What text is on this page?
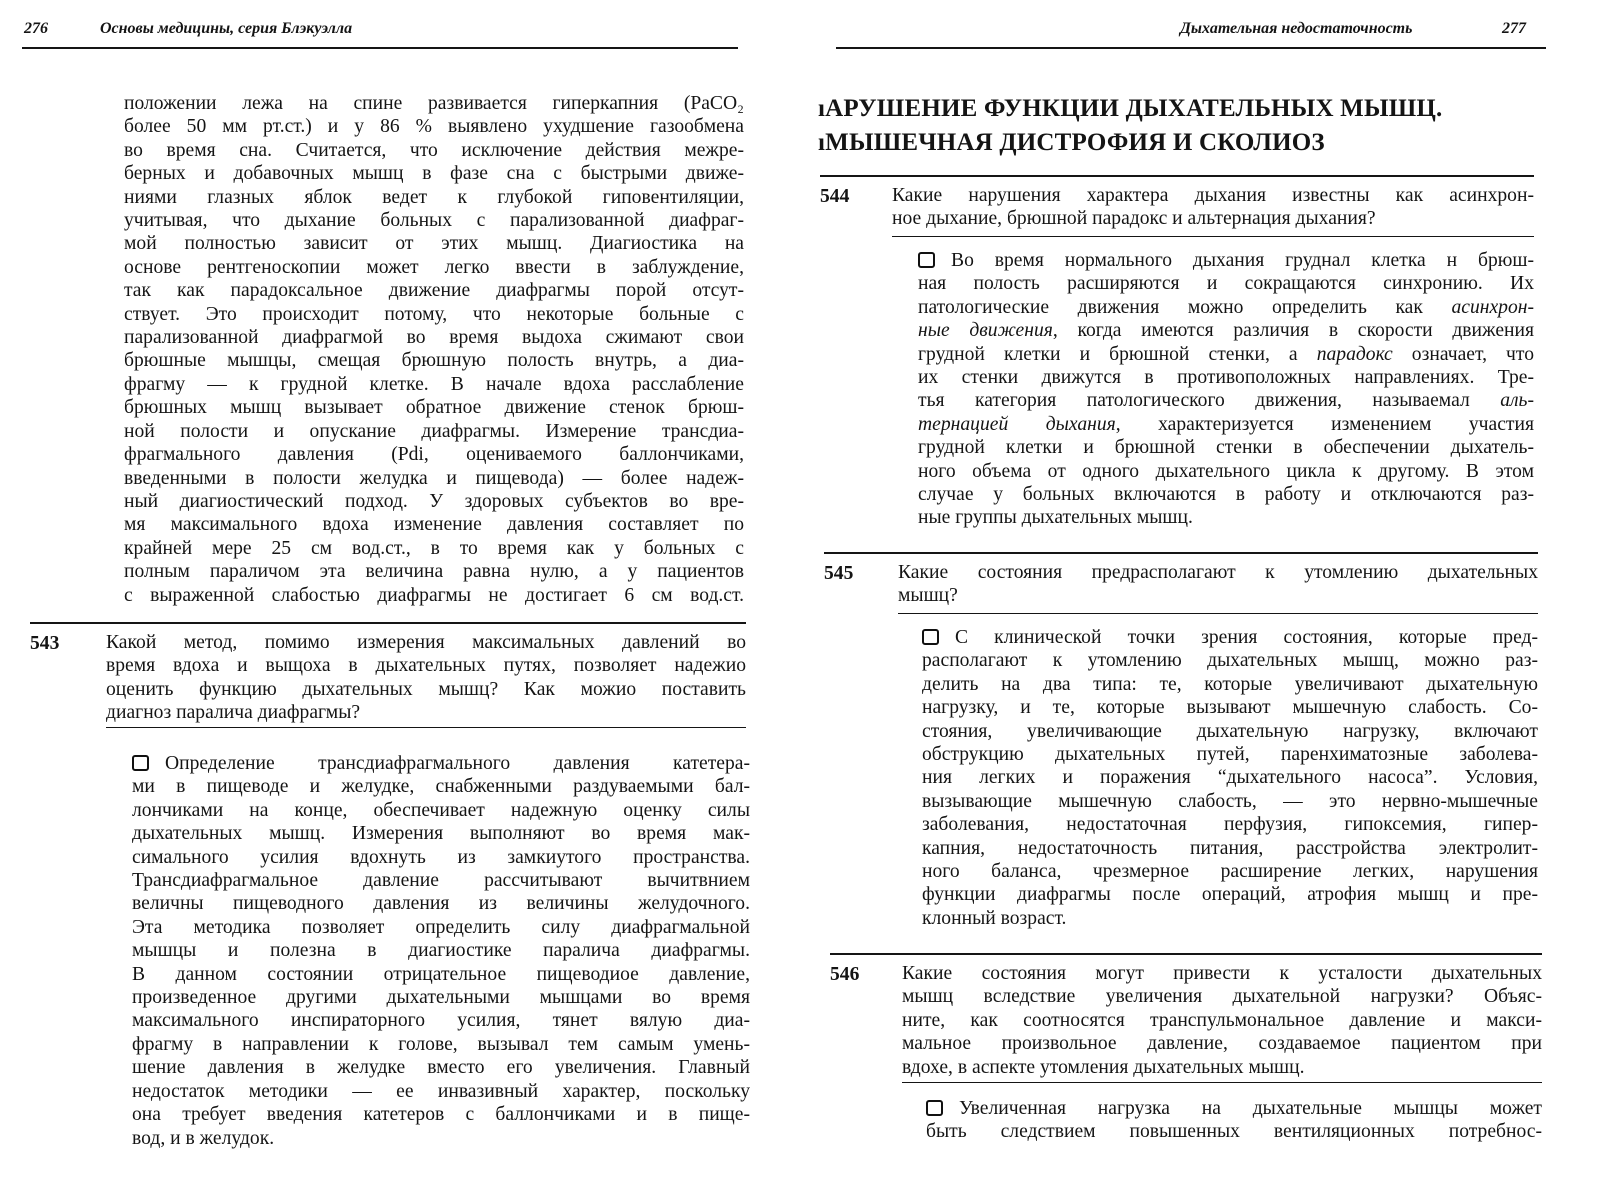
276	Основы медицины, серия Блэкуэлла
положении лежа на спине развивается гиперкапния (PaCO₂
более 50 мм рт.ст.) и у 86 % выявлено ухудшение газообмена
во время сна. Считается, что исключение действия межре-
берных и добавочных мышц в фазе сна с быстрыми движе-
ниями глазных яблок ведет к глубокой гиповентиляции,
учитывая, что дыхание больных с парализованной диафраг-
мой полностью зависит от этих мышц. Диагиостика на
основе рентгеноскопии может легко ввести в заблуждение,
так как парадоксальное движение диафрагмы порой отсут-
ствует. Это происходит потому, что некоторые больные с
парализованной диафрагмой во время выдоха сжимают свои
брюшные мышцы, смещая брюшную полость внутрь, а диа-
фрагму — к грудной клетке. В начале вдоха расслабление
брюшных мышц вызывает обратное движение стенок брюш-
ной полости и опускание диафрагмы. Измерение трансдиа-
фрагмального давления (Pdi, оцениваемого баллончиками,
введенными в полости желудка и пищевода) — более надеж-
ный диагиостический подход. У здоровых субъектов во вре-
мя максимального вдоха изменение давления составляет по
крайней мере 25 см вод.ст., в то время как у больных с
полным параличом эта величина равна нулю, а у пациентов
с выраженной слабостью диафрагмы не достигает 6 см вод.ст.
543 Какой метод, помимо измерения максимальных давлений во
время вдоха и выщоха в дыхательных путях, позволяет надежио
оценить функцию дыхательных мышц? Как можио поставить
диагноз паралича диафрагмы?
Определение трансдиафрагмального давления катетера-
ми в пищеводе и желудке, снабженными раздуваемыми бал-
лончиками на конце, обеспечивает надежную оценку силы
дыхательных мышц. Измерения выполняют во время мак-
симального усилия вдохнуть из замкиутого пространства.
Трансдиафрагмальное давление рассчитывают вычитвнием
величны пищеводного давления из величины желудочного.
Эта методика позволяет определить силу диафрагмальной
мышцы и полезна в диагиостике паралича диафрагмы.
В данном состоянии отрицательное пищеводиое давление,
произведенное другими дыхательными мышцами во время
максимального инспираторного усилия, тянет вялую диа-
фрагму в направлении к голове, вызывал тем самым умень-
шение давления в желудке вместо его увеличения. Главный
недостаток методики — ее инвазивный характер, поскольку
она требует введения катетеров с баллончиками и в пище-
вод, и в желудок.
Дыхательная недостаточность	277
ıАРУШЕНИЕ ФУНКЦИИ ДЫХАТЕЛЬНЫХ МЫШЦ.
ıМЫШЕЧНАЯ ДИСТРОФИЯ И СКОЛИОЗ
544 Какие нарушения характера дыхания известны как асинхрон-
ное дыхание, брюшной парадокс и альтернация дыхания?
Во время нормального дыхания груднал клетка н брюш-
ная полость расширяются и сокращаются синхронию. Их
патологические движения можно определить как асинхрон-
ные движения, когда имеются различия в скорости движения
грудной клетки и брюшной стенки, а парадокс означает, что
их стенки движутся в противоположных направлениях. Тре-
тья категория патологического движения, называемал аль-
тернацией дыхания, характеризуется изменением участия
грудной клетки и брюшной стенки в обеспечении дыхатель-
ного объема от одного дыхательного цикла к другому. В этом
случае у больных включаются в работу и отключаются раз-
ные группы дыхательных мышц.
545 Какие состояния предрасполагают к утомлению дыхательных
мышц?
С клинической точки зрения состояния, которые пред-
располагают к утомлению дыхательных мышц, можно раз-
делить на два типа: те, которые увеличивают дыхательную
нагрузку, и те, которые вызывают мышечную слабость. Со-
стояния, увеличивающие дыхательную нагрузку, включают
обструкцию дыхательных путей, паренхиматозные заболева-
ния легких и поражения “дыхательного насоса”. Условия,
вызывающие мышечную слабость, — это нервно-мышечные
заболевания, недостаточная перфузия, гипоксемия, гипер-
капния, недостаточность питания, расстройства электролит-
ного баланса, чрезмерное расширение легких, нарушения
функции диафрагмы после операций, атрофия мышц и пре-
клонный возраст.
546 Какие состояния могут привести к усталости дыхательных
мышц вследствие увеличения дыхательной нагрузки? Объяс-
ните, как соотносятся транспульмональное давление и макси-
мальное произвольное давление, создаваемое пациентом при
вдохе, в аспекте утомления дыхательных мышц.
Увеличенная нагрузка на дыхательные мышцы может
быть следствием повышенных вентиляционных потребнос-
